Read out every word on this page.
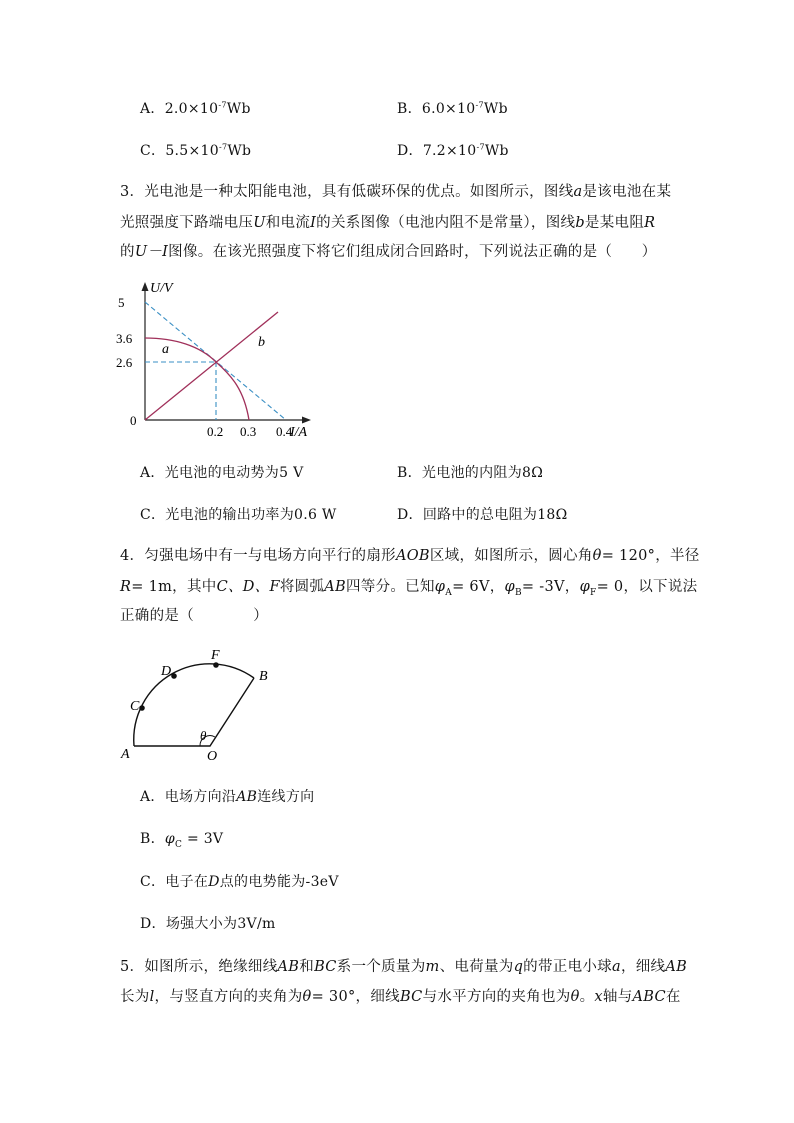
A．$2.0\times 10^{-7}Wb$	B．$6.0\times 10^{-7}Wb$
C．$5.5\times 10^{-7}Wb$	D．$7.2\times 10^{-7}Wb$
3．光电池是一种太阳能电池，具有低碳环保的优点。如图所示，图线a是该电池在某
光照强度下路端电压U和电流I的关系图像（电池内阻不是常量），图线b是某电阻R
的U－I图像。在该光照强度下将它们组成闭合回路时，下列说法正确的是（　　）
U/V
I/A
5
3.6
2.6
0
0.2 0.3 0.4
a	b
A．光电池的电动势为5 V	B．光电池的内阻为8Ω
C．光电池的输出功率为0.6 W	D．回路中的总电阻为18Ω
4．匀强电场中有一与电场方向平行的扇形AOB区域，如图所示，圆心角θ= 120°，半径
R= 1m，其中C、D、F将圆弧AB四等分。已知$\varphi_A= 6V$，$\varphi_B= -3V$，$\varphi_F= 0$，以下说法
正确的是（　　　　）
A
B
C
D
F
O
θ
A．电场方向沿AB连线方向
B．$\varphi_C = 3V$
C．电子在D点的电势能为-3eV
D．场强大小为3V/m
5．如图所示，绝缘细线AB和BC系一个质量为m、电荷量为q的带正电小球a，细线AB
长为l，与竖直方向的夹角为θ= 30°，细线BC与水平方向的夹角也为θ。x轴与ABC在
